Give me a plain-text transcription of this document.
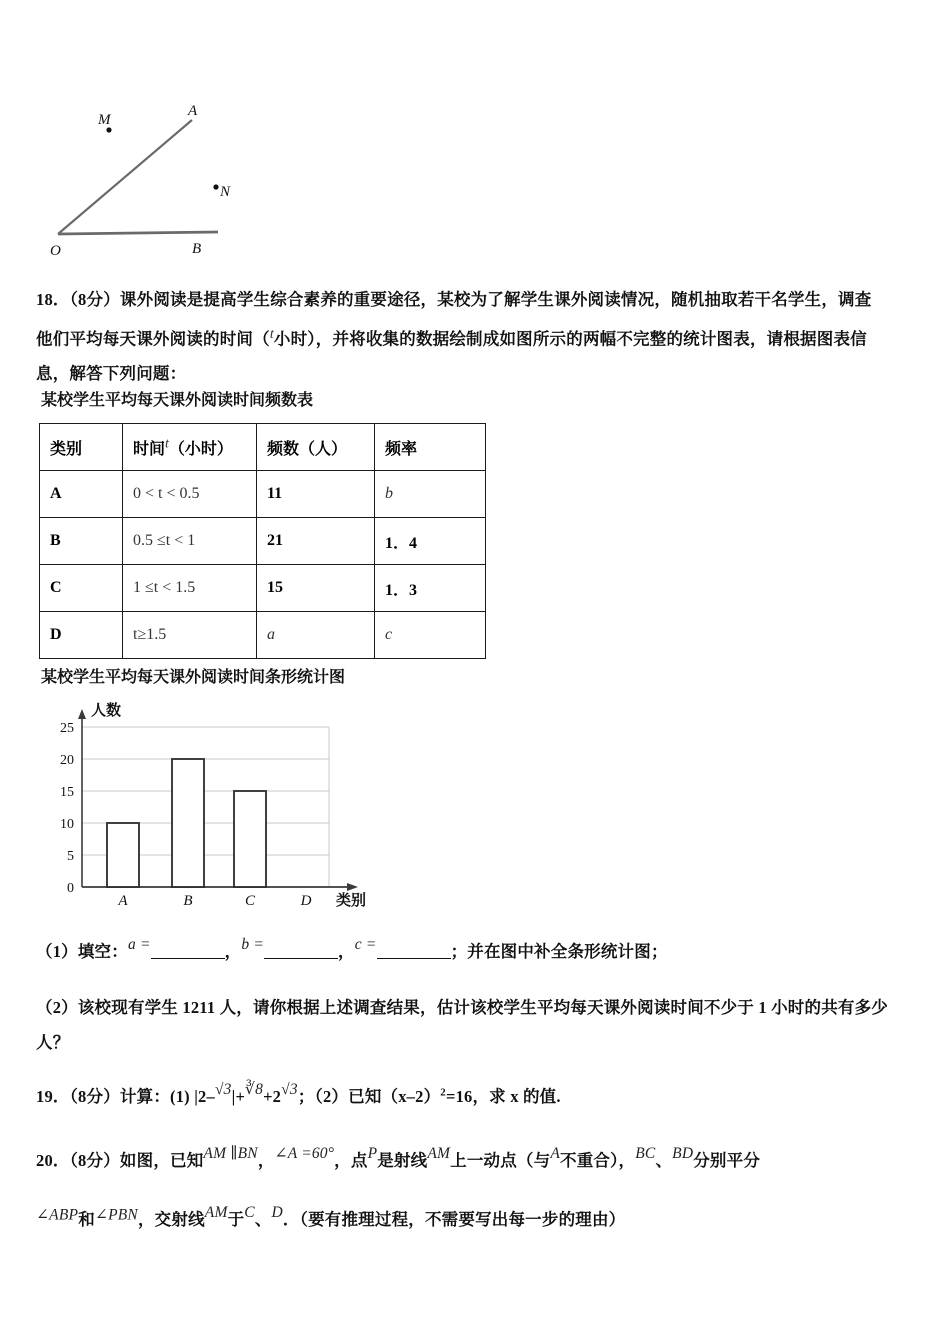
M
A
N
O	B
18．（8分）课外阅读是提高学生综合素养的重要途径，某校为了解学生课外阅读情况，随机抽取若干名学生，调查
他们平均每天课外阅读的时间（$^t$小时），并将收集的数据绘制成如图所示的两幅不完整的统计图表，请根据图表信
息，解答下列问题：
某校学生平均每天课外阅读时间频数表
类别	时间t（小时）	频数（人）	频率
A	0 < t < 0.5	11	b
B	0.5 ≤t < 1	21	1．4
C	1 ≤t < 1.5	15	1．3
D	t≥1.5	a	c
某校学生平均每天课外阅读时间条形统计图
25
20
15
10
5
0
人数
类别
A	B	C	D
（1）填空：a =	，b =	，c =	；并在图中补全条形统计图；
（2）该校现有学生 1211 人，请你根据上述调查结果，估计该校学生平均每天课外阅读时间不少于 1 小时的共有多少
人？
19．（8分）计算：(1) |2–√3|+∛8+2√3；（2）已知$(x-2)^2=16$，求 x 的值.
20．（8分）如图，已知AM ∥BN，∠A =60°，点P是射线AM上一动点（与A不重合），BC、BD分别平分
∠ABP和∠PBN，交射线AM于C、D．（要有推理过程，不需要写出每一步的理由）
